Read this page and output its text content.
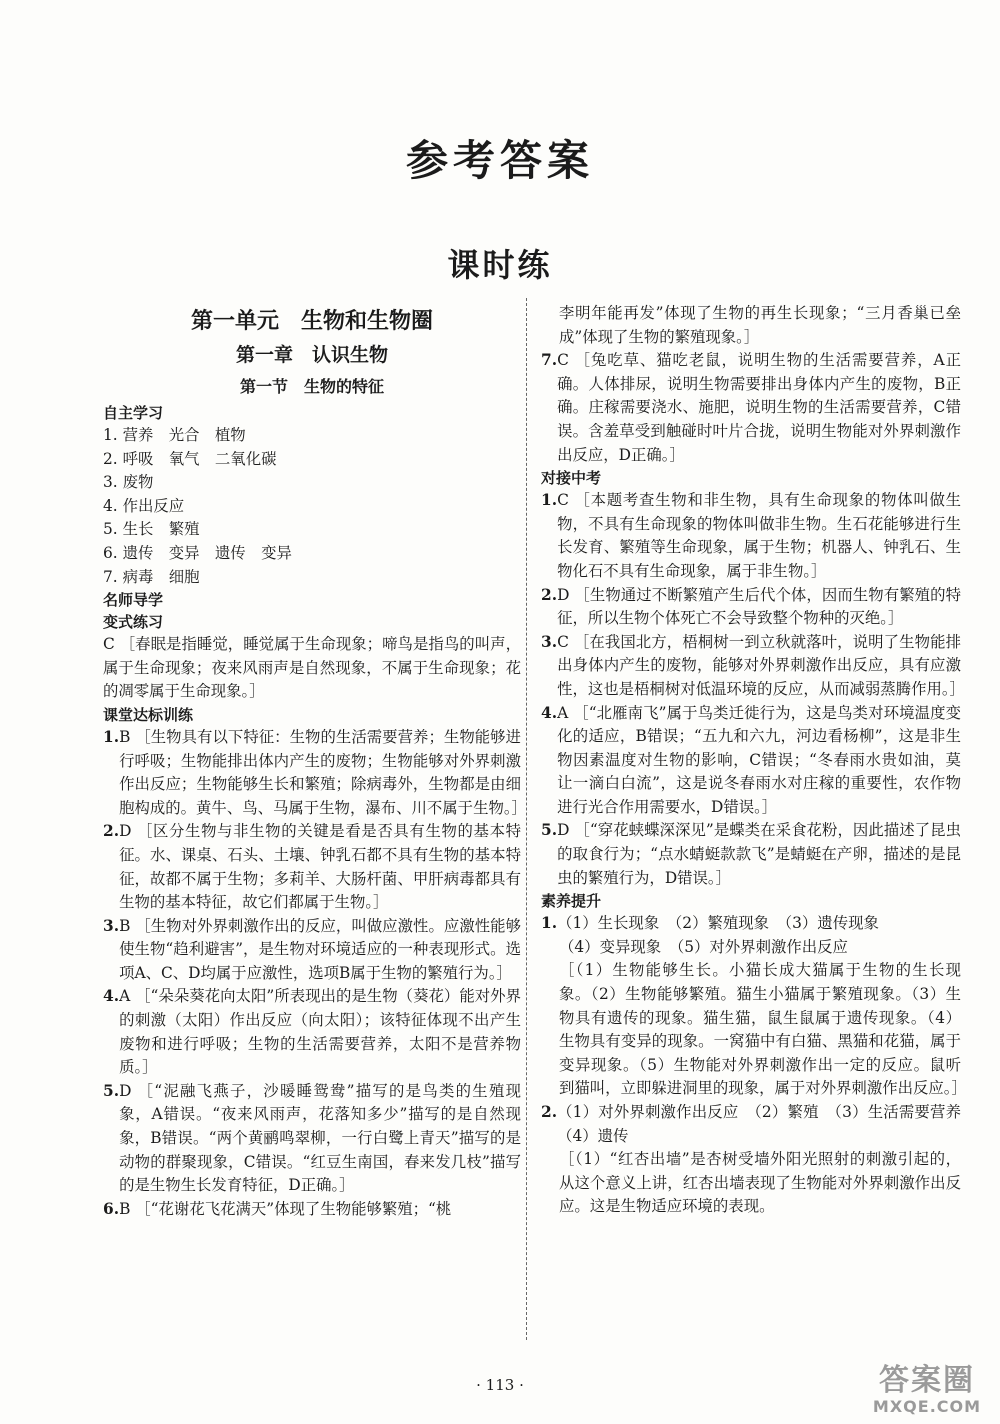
参考答案
课时练
第一单元　生物和生物圈
第一章　认识生物
第一节　生物的特征
自主学习
1. 营养　光合　植物
2. 呼吸　氧气　二氧化碳
3. 废物
4. 作出反应
5. 生长　繁殖
6. 遗传　变异　遗传　变异
7. 病毒　细胞
名师导学
变式练习
C ［春眠是指睡觉，睡觉属于生命现象；啼鸟是指鸟的叫声，属于生命现象；夜来风雨声是自然现象，不属于生命现象；花的凋零属于生命现象。］
课堂达标训练
1. B ［生物具有以下特征：生物的生活需要营养；生物能够进行呼吸；生物能排出体内产生的废物；生物能够对外界刺激作出反应；生物能够生长和繁殖；除病毒外，生物都是由细胞构成的。黄牛、鸟、马属于生物，瀑布、川不属于生物。］
2. D ［区分生物与非生物的关键是看是否具有生物的基本特征。水、课桌、石头、土壤、钟乳石都不具有生物的基本特征，故都不属于生物；多莉羊、大肠杆菌、甲肝病毒都具有生物的基本特征，故它们都属于生物。］
3. B ［生物对外界刺激作出的反应，叫做应激性。应激性能够使生物“趋利避害”，是生物对环境适应的一种表现形式。选项A、C、D均属于应激性，选项B属于生物的繁殖行为。］
4. A ［“朵朵葵花向太阳”所表现出的是生物（葵花）能对外界的刺激（太阳）作出反应（向太阳）；该特征体现不出产生废物和进行呼吸；生物的生活需要营养，太阳不是营养物质。］
5. D ［“泥融飞燕子，沙暖睡鸳鸯”描写的是鸟类的生殖现象，A错误。“夜来风雨声，花落知多少”描写的是自然现象，B错误。“两个黄鹂鸣翠柳，一行白鹭上青天”描写的是动物的群聚现象，C错误。“红豆生南国，春来发几枝”描写的是生物生长发育特征，D正确。］
6. B ［“花谢花飞花满天”体现了生物能够繁殖；“桃
李明年能再发”体现了生物的再生长现象；“三月香巢已垒成”体现了生物的繁殖现象。］
7. C ［兔吃草、猫吃老鼠，说明生物的生活需要营养，A正确。人体排尿，说明生物需要排出身体内产生的废物，B正确。庄稼需要浇水、施肥，说明生物的生活需要营养，C错误。含羞草受到触碰时叶片合拢，说明生物能对外界刺激作出反应，D正确。］
对接中考
1. C ［本题考查生物和非生物，具有生命现象的物体叫做生物，不具有生命现象的物体叫做非生物。生石花能够进行生长发育、繁殖等生命现象，属于生物；机器人、钟乳石、生物化石不具有生命现象，属于非生物。］
2. D ［生物通过不断繁殖产生后代个体，因而生物有繁殖的特征，所以生物个体死亡不会导致整个物种的灭绝。］
3. C ［在我国北方，梧桐树一到立秋就落叶，说明了生物能排出身体内产生的废物，能够对外界刺激作出反应，具有应激性，这也是梧桐树对低温环境的反应，从而减弱蒸腾作用。］
4. A ［“北雁南飞”属于鸟类迁徙行为，这是鸟类对环境温度变化的适应，B错误；“五九和六九，河边看杨柳”，这是非生物因素温度对生物的影响，C错误；“冬春雨水贵如油，莫让一滴白白流”，这是说冬春雨水对庄稼的重要性，农作物进行光合作用需要水，D错误。］
5. D ［“穿花蛱蝶深深见”是蝶类在采食花粉，因此描述了昆虫的取食行为；“点水蜻蜓款款飞”是蜻蜓在产卵，描述的是昆虫的繁殖行为，D错误。］
素养提升
1. （1）生长现象　（2）繁殖现象　（3）遗传现象
（4）变异现象　（5）对外界刺激作出反应
［（1）生物能够生长。小猫长成大猫属于生物的生长现象。（2）生物能够繁殖。猫生小猫属于繁殖现象。（3）生物具有遗传的现象。猫生猫，鼠生鼠属于遗传现象。（4）生物具有变异的现象。一窝猫中有白猫、黑猫和花猫，属于变异现象。（5）生物能对外界刺激作出一定的反应。鼠听到猫叫，立即躲进洞里的现象，属于对外界刺激作出反应。］
2. （1）对外界刺激作出反应　（2）繁殖　（3）生活需要营养　（4）遗传
［（1）“红杏出墙”是杏树受墙外阳光照射的刺激引起的，从这个意义上讲，红杏出墙表现了生物能对外界刺激作出反应。这是生物适应环境的表现。
· 113 ·	答案圈
MXQE.COM
